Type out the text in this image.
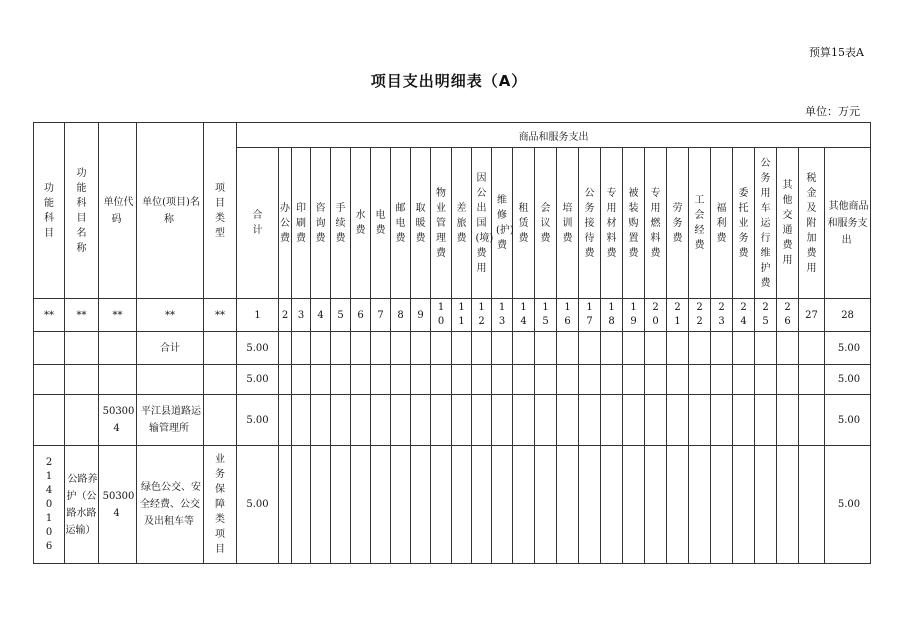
预算15表A
项目支出明细表（A）
单位：万元
功能科目	功能科目名称	单位代码	单位(项目)名称	项目类型	商品和服务支出																											
					合计	办公费	印刷费	咨询费	手续费	水费	电费	邮电费	取暖费	物业管理费	差旅费	因公出国(境)费用	维修(护)费	租赁费	会议费	培训费	公务接待费	专用材料费	被装购置费	专用燃料费	劳务费	工会经费	福利费	委托业务费	公务用车运行维护费	其他交通费用	税金及附加费用	其他商品和服务支出
**	**	**	**	**	1	2	3	4	5	6	7	8	9	10	11	12	13	14	15	16	17	18	19	20	21	22	23	24	25	26	27	28
			合计		5.00																											5.00
					5.00																											5.00
		503004	平江县道路运输管理所		5.00																											5.00
2140106	公路养护（公路水路运输）	503004	绿色公交、安全经费、公交及出租车等	业务保障类项目	5.00																											5.00
